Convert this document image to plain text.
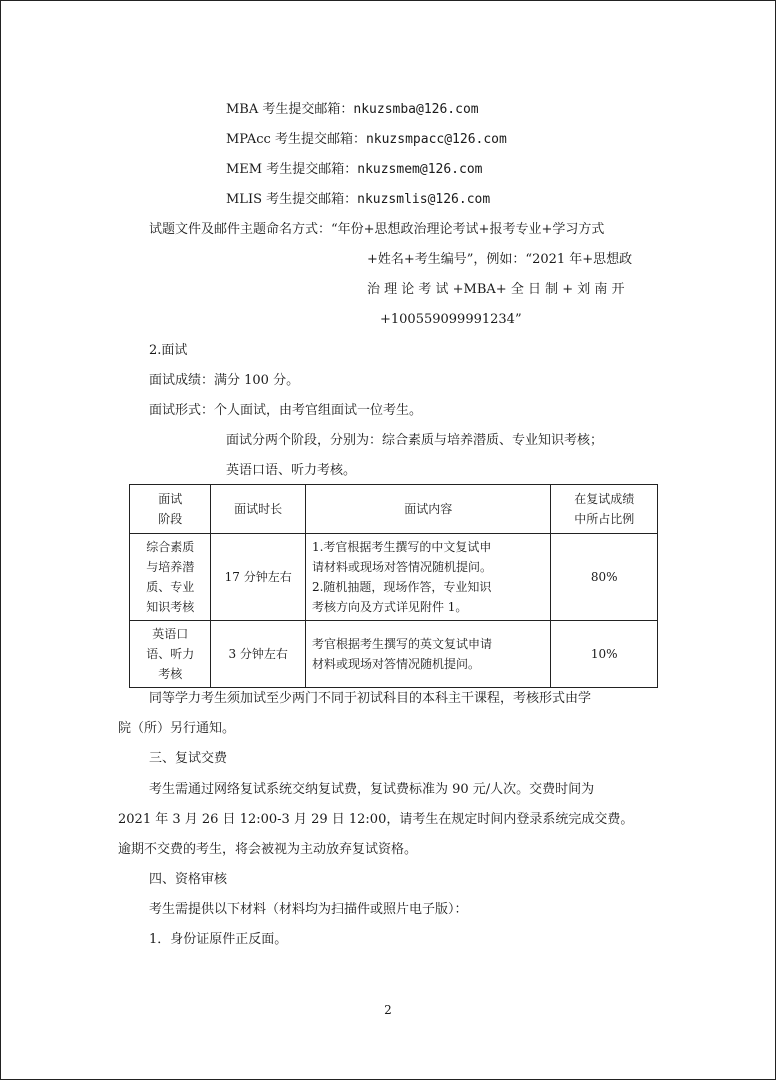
MBA 考生提交邮箱：nkuzsmba@126.com
MPAcc 考生提交邮箱：nkuzsmpacc@126.com
MEM 考生提交邮箱：nkuzsmem@126.com
MLIS 考生提交邮箱：nkuzsmlis@126.com
试题文件及邮件主题命名方式：“年份+思想政治理论考试+报考专业+学习方式
+姓名+考生编号”，例如：“2021 年+思想政
治 理 论 考 试 +MBA+ 全 日 制 + 刘 南 开
+100559099991234”
2.面试
面试成绩：满分 100 分。
面试形式：个人面试，由考官组面试一位考生。
面试分两个阶段，分别为：综合素质与培养潜质、专业知识考核；
英语口语、听力考核。
面试
阶段	面试时长	面试内容	在复试成绩
中所占比例
综合素质
与培养潜
质、专业
知识考核	17 分钟左右	1.考官根据考生撰写的中文复试申
请材料或现场对答情况随机提问。
2.随机抽题，现场作答，专业知识
考核方向及方式详见附件 1。	80%
英语口
语、听力
考核	3 分钟左右	考官根据考生撰写的英文复试申请
材料或现场对答情况随机提问。	10%
同等学力考生须加试至少两门不同于初试科目的本科主干课程，考核形式由学
院（所）另行通知。
三、复试交费
考生需通过网络复试系统交纳复试费，复试费标准为 90 元/人次。交费时间为
2021 年 3 月 26 日 12:00-3 月 29 日 12:00，请考生在规定时间内登录系统完成交费。
逾期不交费的考生，将会被视为主动放弃复试资格。
四、资格审核
考生需提供以下材料（材料均为扫描件或照片电子版）：
1．身份证原件正反面。
2
